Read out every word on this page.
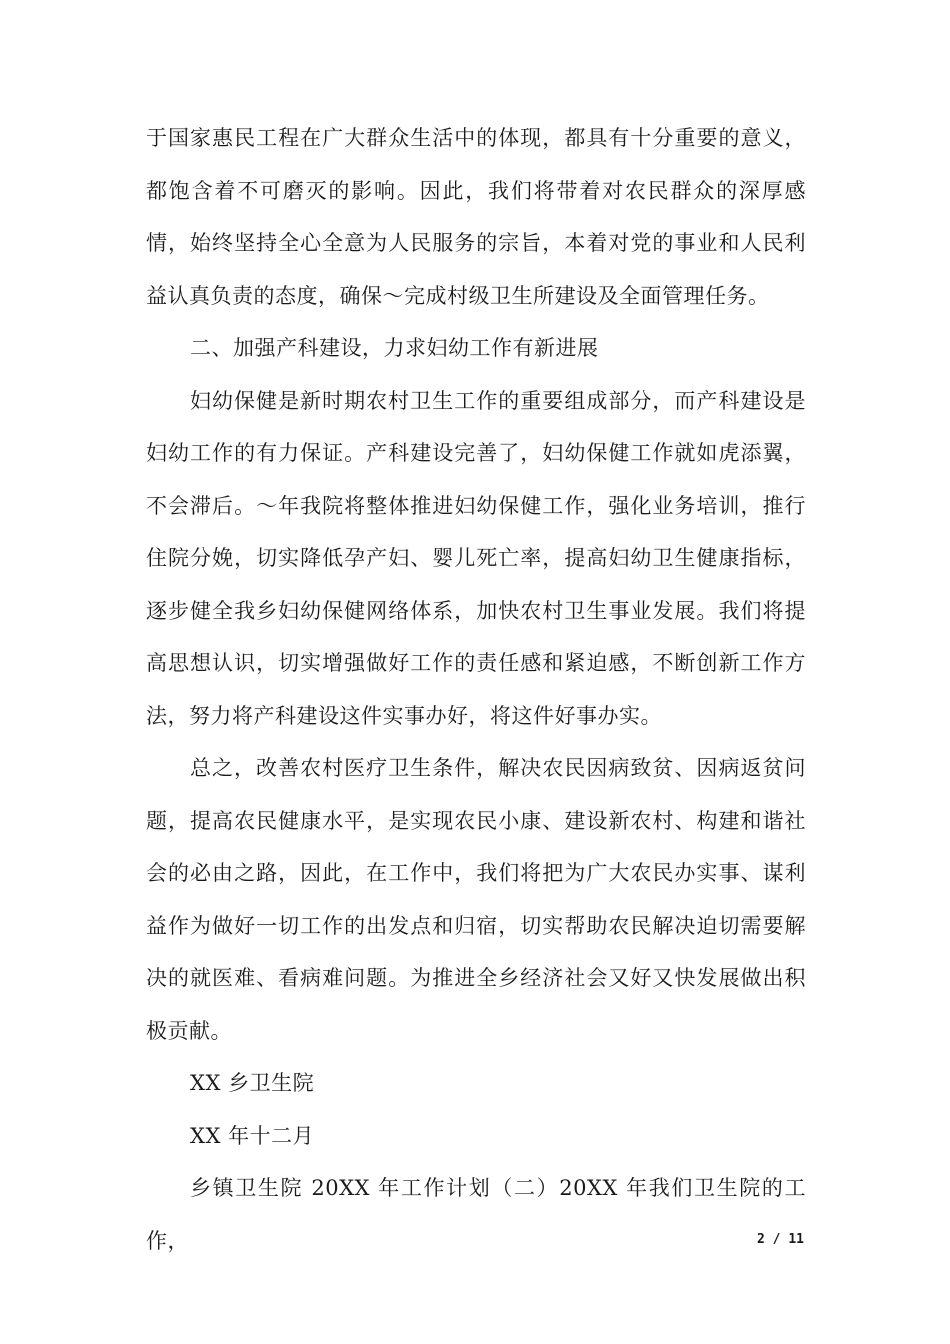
于国家惠民工程在广大群众生活中的体现，都具有十分重要的意义，都饱含着不可磨灭的影响。因此，我们将带着对农民群众的深厚感情，始终坚持全心全意为人民服务的宗旨，本着对党的事业和人民利益认真负责的态度，确保～完成村级卫生所建设及全面管理任务。

二、加强产科建设，力求妇幼工作有新进展

妇幼保健是新时期农村卫生工作的重要组成部分，而产科建设是妇幼工作的有力保证。产科建设完善了，妇幼保健工作就如虎添翼，不会滞后。～年我院将整体推进妇幼保健工作，强化业务培训，推行住院分娩，切实降低孕产妇、婴儿死亡率，提高妇幼卫生健康指标，逐步健全我乡妇幼保健网络体系，加快农村卫生事业发展。我们将提高思想认识，切实增强做好工作的责任感和紧迫感，不断创新工作方法，努力将产科建设这件实事办好，将这件好事办实。

总之，改善农村医疗卫生条件，解决农民因病致贫、因病返贫问题，提高农民健康水平，是实现农民小康、建设新农村、构建和谐社会的必由之路，因此，在工作中，我们将把为广大农民办实事、谋利益作为做好一切工作的出发点和归宿，切实帮助农民解决迫切需要解决的就医难、看病难问题。为推进全乡经济社会又好又快发展做出积极贡献。

XX 乡卫生院

XX 年十二月

乡镇卫生院 20XX 年工作计划（二）20XX 年我们卫生院的工作，	2 / 11
